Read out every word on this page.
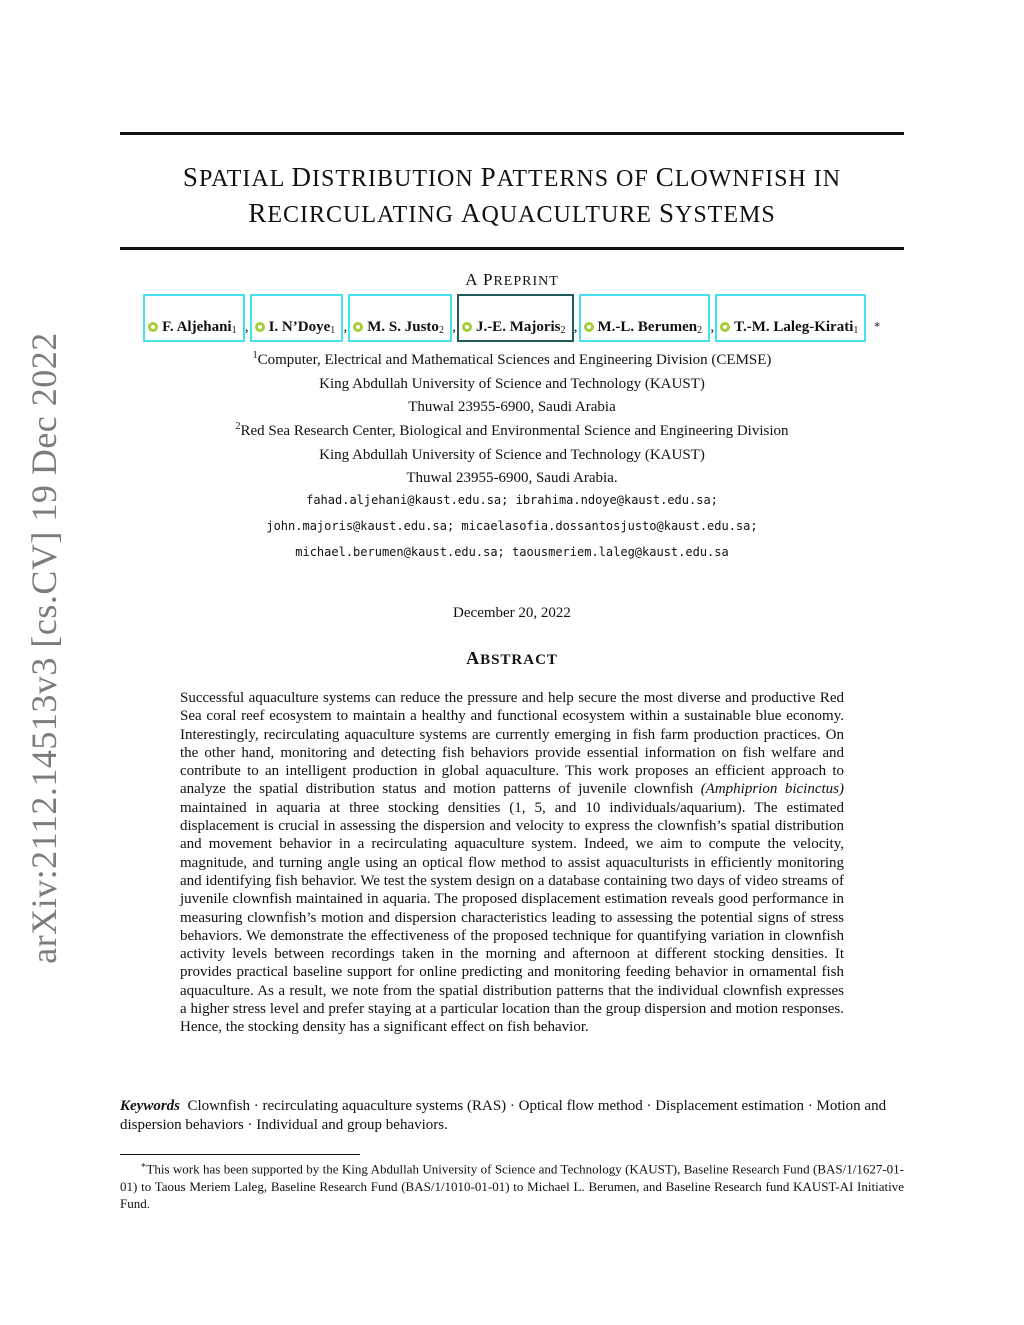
arXiv:2112.14513v3 [cs.CV] 19 Dec 2022
SPATIAL DISTRIBUTION PATTERNS OF CLOWNFISH IN
RECIRCULATING AQUACULTURE SYSTEMS
A PREPRINT
F. Aljehani$_1$ , I. N’Doye$_1$ , M. S. Justo$_2$ , J.-E. Majoris$_2$ , M.-L. Berumen$_2$ , T.-M. Laleg-Kirati$_1$ ∗
$^1$Computer, Electrical and Mathematical Sciences and Engineering Division (CEMSE)
King Abdullah University of Science and Technology (KAUST)
Thuwal 23955-6900, Saudi Arabia
$^2$Red Sea Research Center, Biological and Environmental Science and Engineering Division
King Abdullah University of Science and Technology (KAUST)
Thuwal 23955-6900, Saudi Arabia.
fahad.aljehani@kaust.edu.sa; ibrahima.ndoye@kaust.edu.sa;
john.majoris@kaust.edu.sa; micaelasofia.dossantosjusto@kaust.edu.sa;
michael.berumen@kaust.edu.sa; taousmeriem.laleg@kaust.edu.sa
December 20, 2022
ABSTRACT

Successful aquaculture systems can reduce the pressure and help secure the most diverse and productive Red Sea coral reef ecosystem to maintain a healthy and functional ecosystem within a sustainable blue economy. Interestingly, recirculating aquaculture systems are currently emerging in fish farm production practices. On the other hand, monitoring and detecting fish behaviors provide essential information on fish welfare and contribute to an intelligent production in global aquaculture. This work proposes an efficient approach to analyze the spatial distribution status and motion patterns of juvenile clownfish (Amphiprion bicinctus) maintained in aquaria at three stocking densities (1, 5, and 10 individuals/aquarium). The estimated displacement is crucial in assessing the dispersion and velocity to express the clownfish’s spatial distribution and movement behavior in a recirculating aquaculture system. Indeed, we aim to compute the velocity, magnitude, and turning angle using an optical flow method to assist aquaculturists in efficiently monitoring and identifying fish behavior. We test the system design on a database containing two days of video streams of juvenile clownfish maintained in aquaria. The proposed displacement estimation reveals good performance in measuring clownfish’s motion and dispersion characteristics leading to assessing the potential signs of stress behaviors. We demonstrate the effectiveness of the proposed technique for quantifying variation in clownfish activity levels between recordings taken in the morning and afternoon at different stocking densities. It provides practical baseline support for online predicting and monitoring feeding behavior in ornamental fish aquaculture. As a result, we note from the spatial distribution patterns that the individual clownfish expresses a higher stress level and prefer staying at a particular location than the group dispersion and motion responses. Hence, the stocking density has a significant effect on fish behavior.

Keywords Clownfish · recirculating aquaculture systems (RAS) · Optical flow method · Displacement estimation · Motion and dispersion behaviors · Individual and group behaviors.

∗This work has been supported by the King Abdullah University of Science and Technology (KAUST), Baseline Research Fund (BAS/1/1627-01-01) to Taous Meriem Laleg, Baseline Research Fund (BAS/1/1010-01-01) to Michael L. Berumen, and Baseline Research fund KAUST-AI Initiative Fund.
